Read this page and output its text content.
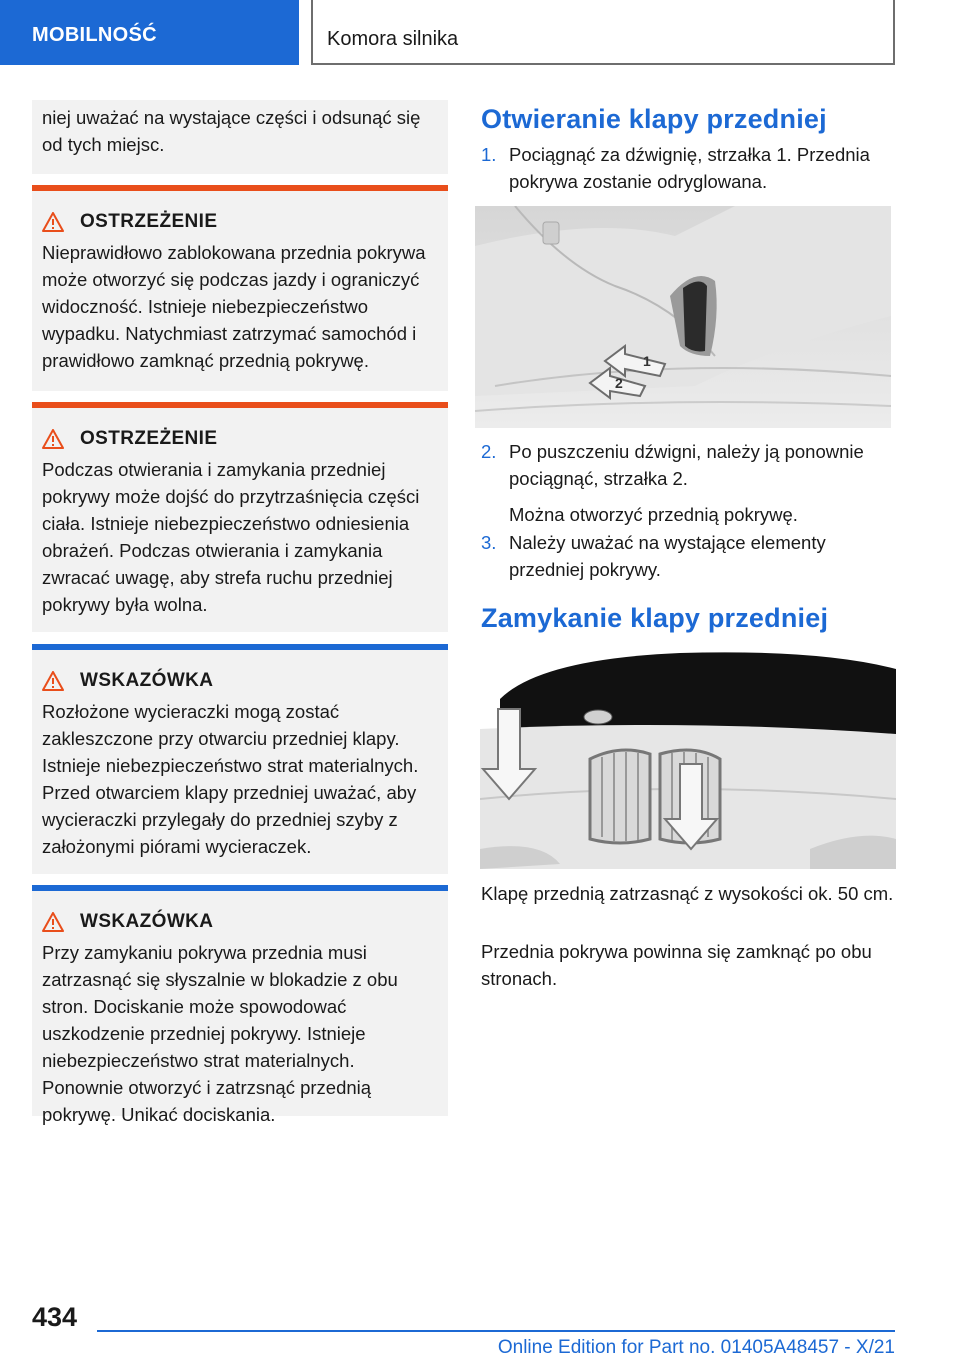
MOBILNOŚĆ	Komora silnika
niej uważać na wystające części i odsunąć się od tych miejsc.
OSTRZEŻENIE
Nieprawidłowo zablokowana przednia pokrywa może otworzyć się podczas jazdy i ograniczyć widoczność. Istnieje niebezpieczeństwo wypadku. Natychmiast zatrzymać samochód i prawidłowo zamknąć przednią pokrywę.
OSTRZEŻENIE
Podczas otwierania i zamykania przedniej pokrywy może dojść do przytrzaśnięcia części ciała. Istnieje niebezpieczeństwo odniesienia obrażeń. Podczas otwierania i zamykania zwracać uwagę, aby strefa ruchu przedniej pokrywy była wolna.
WSKAZÓWKA
Rozłożone wycieraczki mogą zostać zakleszczone przy otwarciu przedniej klapy. Istnieje niebezpieczeństwo strat materialnych. Przed otwarciem klapy przedniej uważać, aby wycieraczki przylegały do przedniej szyby z założonymi piórami wycieraczek.
WSKAZÓWKA
Przy zamykaniu pokrywa przednia musi zatrzasnąć się słyszalnie w blokadzie z obu stron. Dociskanie może spowodować uszkodzenie przedniej pokrywy. Istnieje niebezpieczeństwo strat materialnych. Ponownie otworzyć i zatrzsnąć przednią pokrywę. Unikać dociskania.
Otwieranie klapy przedniej
1. Pociągnąć za dźwignię, strzałka 1. Przednia pokrywa zostanie odryglowana.
1
2
2. Po puszczeniu dźwigni, należy ją ponownie pociągnąć, strzałka 2.
Można otworzyć przednią pokrywę.
3. Należy uważać na wystające elementy przedniej pokrywy.
Zamykanie klapy przedniej
Klapę przednią zatrzasnąć z wysokości ok. 50 cm.
Przednia pokrywa powinna się zamknąć po obu stronach.
434
Online Edition for Part no. 01405A48457 - X/21
